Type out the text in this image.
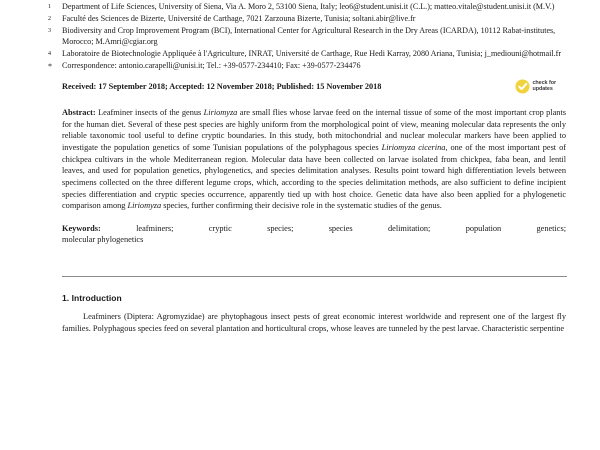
1	Department of Life Sciences, University of Siena, Via A. Moro 2, 53100 Siena, Italy; leo6@student.unisi.it (C.L.); matteo.vitale@student.unisi.it (M.V.)
2	Faculté des Sciences de Bizerte, Université de Carthage, 7021 Zarzouna Bizerte, Tunisia; soltani.abir@live.fr
3	Biodiversity and Crop Improvement Program (BCI), International Center for Agricultural Research in the Dry Areas (ICARDA), 10112 Rabat-institutes, Morocco; M.Amri@cgiar.org
4	Laboratoire de Biotechnologie Appliquée à l'Agriculture, INRAT, Université de Carthage, Rue Hedi Karray, 2080 Ariana, Tunisia; j_mediouni@hotmail.fr
*	Correspondence: antonio.carapelli@unisi.it; Tel.: +39-0577-234410; Fax: +39-0577-234476
Received: 17 September 2018; Accepted: 12 November 2018; Published: 15 November 2018	check for
updates
Abstract: Leafminer insects of the genus Liriomyza are small flies whose larvae feed on the internal tissue of some of the most important crop plants for the human diet. Several of these pest species are highly uniform from the morphological point of view, meaning molecular data represents the only reliable taxonomic tool useful to define cryptic boundaries. In this study, both mitochondrial and nuclear molecular markers have been applied to investigate the population genetics of some Tunisian populations of the polyphagous species Liriomyza cicerina, one of the most important pest of chickpea cultivars in the whole Mediterranean region. Molecular data have been collected on larvae isolated from chickpea, faba bean, and lentil leaves, and used for population genetics, phylogenetics, and species delimitation analyses. Results point toward high differentiation levels between specimens collected on the three different legume crops, which, according to the species delimitation methods, are also sufficient to define incipient species differentiation and cryptic species occurrence, apparently tied up with host choice. Genetic data have also been applied for a phylogenetic comparison among Liriomyza species, further confirming their decisive role in the systematic studies of the genus.
Keywords:	leafminers; cryptic species; species delimitation; population genetics;
molecular phylogenetics
1. Introduction
Leafminers (Diptera: Agromyzidae) are phytophagous insect pests of great economic interest worldwide and represent one of the largest fly families. Polyphagous species feed on several plantation and horticultural crops, whose leaves are tunneled by the pest larvae. Characteristic serpentine
